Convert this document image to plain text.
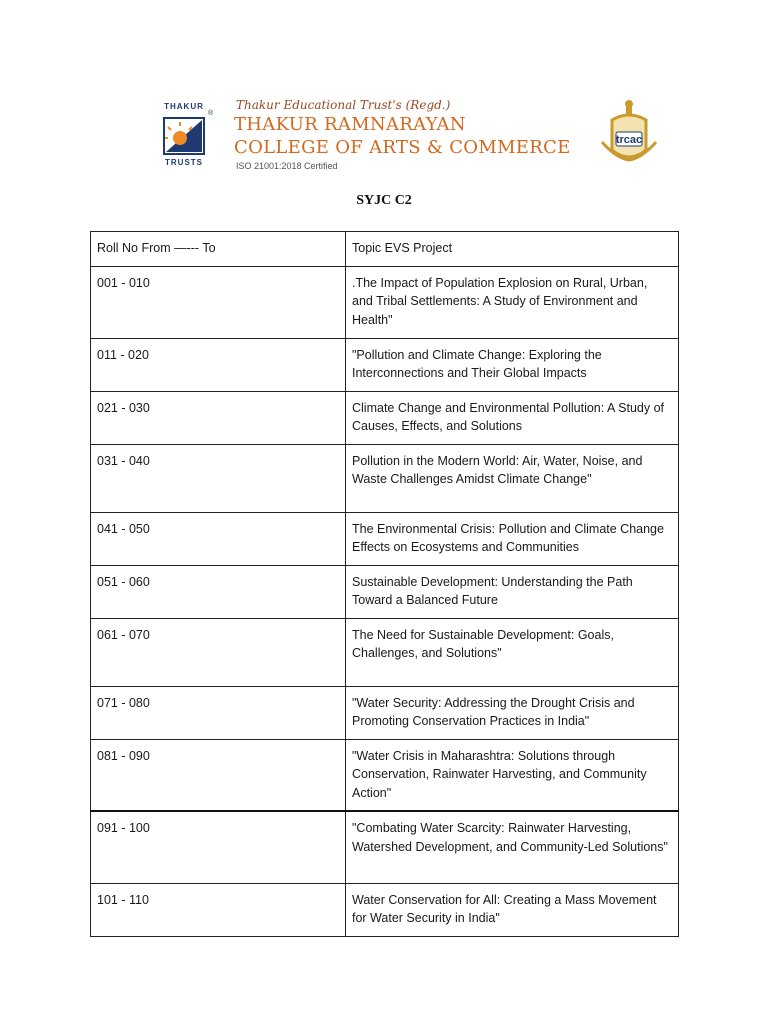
THAKUR
TRUSTS
®
Thakur Educational Trust's (Regd.)
THAKUR RAMNARAYAN
COLLEGE OF ARTS & COMMERCE
ISO 21001:2018 Certified
trcac
SYJC C2
Roll No From —--- To	Topic EVS Project
001 - 010	.The Impact of Population Explosion on Rural, Urban, and Tribal Settlements: A Study of Environment and Health"
011 - 020	"Pollution and Climate Change: Exploring the Interconnections and Their Global Impacts
021 - 030	Climate Change and Environmental Pollution: A Study of Causes, Effects, and Solutions
031 - 040	Pollution in the Modern World: Air, Water, Noise, and Waste Challenges Amidst Climate Change"
041 - 050	The Environmental Crisis: Pollution and Climate Change Effects on Ecosystems and Communities
051 - 060	Sustainable Development: Understanding the Path Toward a Balanced Future
061 - 070	The Need for Sustainable Development: Goals, Challenges, and Solutions"
071 - 080	"Water Security: Addressing the Drought Crisis and Promoting Conservation Practices in India"
081 - 090	"Water Crisis in Maharashtra: Solutions through Conservation, Rainwater Harvesting, and Community Action"
091 - 100	"Combating Water Scarcity: Rainwater Harvesting, Watershed Development, and Community-Led Solutions"
101 - 110	Water Conservation for All: Creating a Mass Movement for Water Security in India"
